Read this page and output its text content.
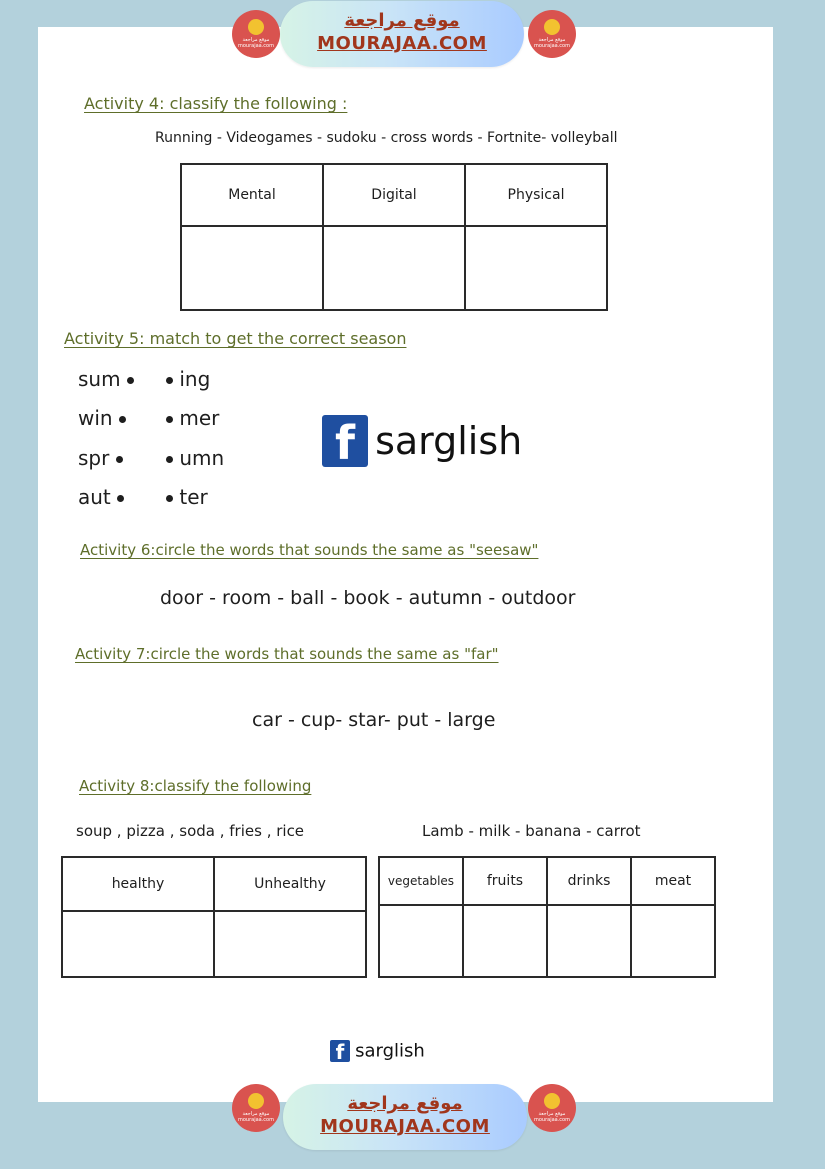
موقع مراجعة mourajaa.com
موقع مراجعة
MOURAJAA.COM	موقع مراجعة mourajaa.com
Activity 4: classify the following :
Running - Videogames - sudoku - cross words - Fortnite- volleyball
Mental	Digital	Physical

Activity 5: match to get the correct season
sum
win
spr
aut
ing
mer
umn
ter
f sarglish
Activity 6:circle the words that sounds the same as "seesaw"
door - room - ball - book - autumn - outdoor
Activity 7:circle the words that sounds the same as "far"
car - cup- star- put - large
Activity 8:classify the following
soup , pizza , soda , fries , rice	Lamb - milk - banana - carrot
healthy	Unhealthy
		vegetables	fruits	drinks	meat

f sarglish
موقع مراجعة mourajaa.com
موقع مراجعة
MOURAJAA.COM
موقع مراجعة mourajaa.com
